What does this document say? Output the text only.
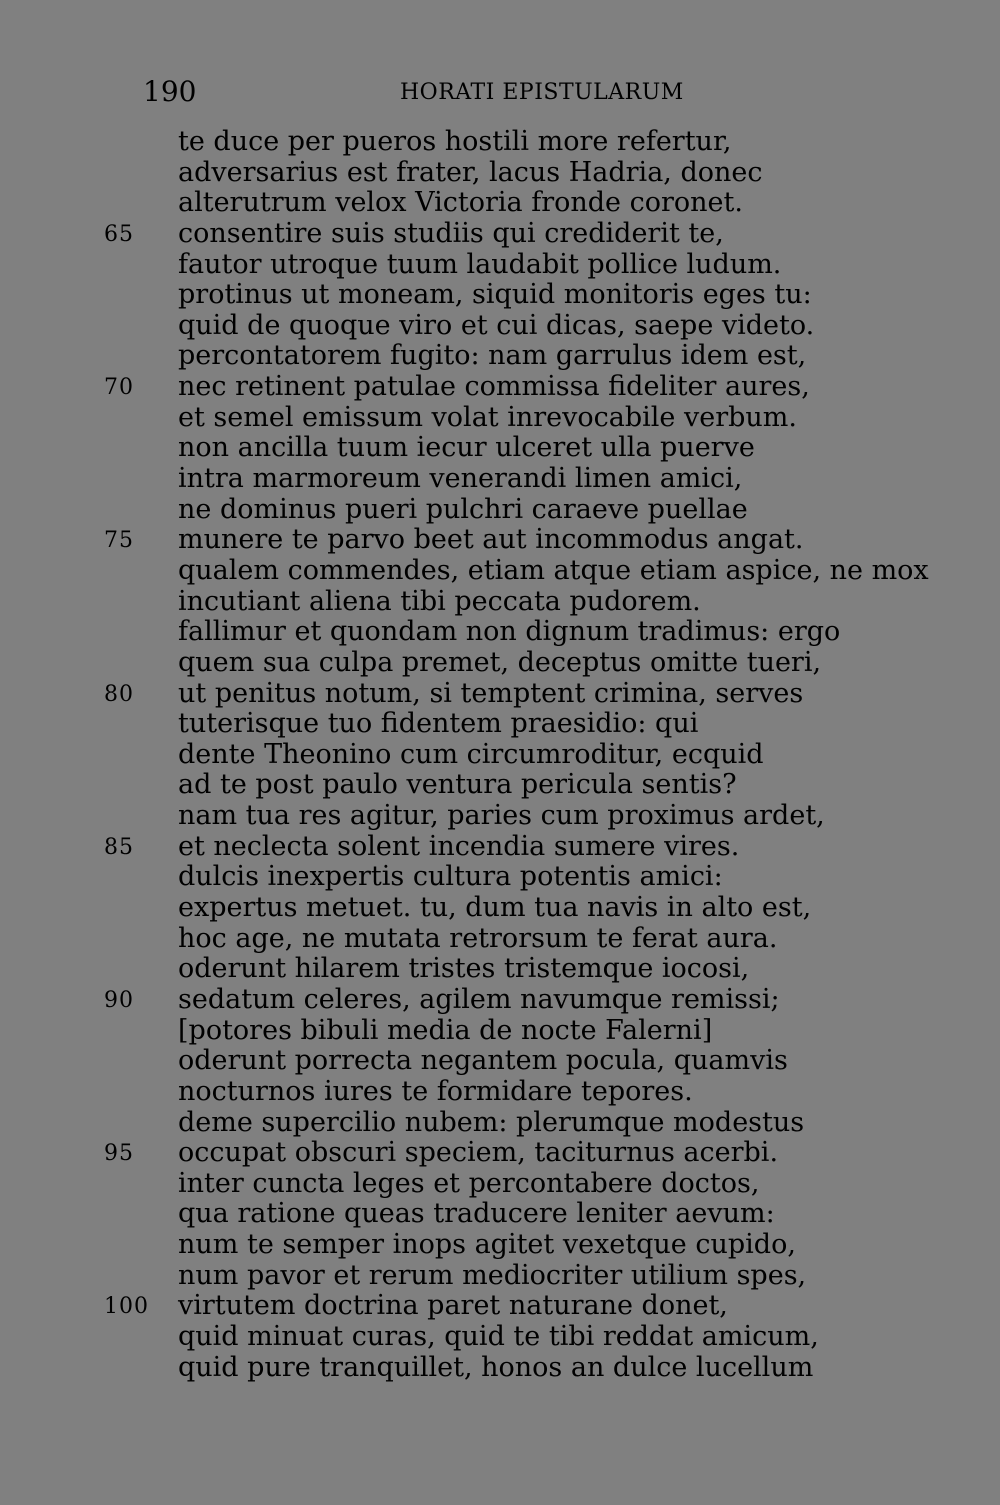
190	HORATI EPISTULARUM
te duce per pueros hostili more refertur,
adversarius est frater, lacus Hadria, donec
alterutrum velox Victoria fronde coronet.
65 consentire suis studiis qui crediderit te,
fautor utroque tuum laudabit pollice ludum.
protinus ut moneam, siquid monitoris eges tu:
quid de quoque viro et cui dicas, saepe videto.
percontatorem fugito: nam garrulus idem est,
70 nec retinent patulae commissa fideliter aures,
et semel emissum volat inrevocabile verbum.
non ancilla tuum iecur ulceret ulla puerve
intra marmoreum venerandi limen amici,
ne dominus pueri pulchri caraeve puellae
75 munere te parvo beet aut incommodus angat.
qualem commendes, etiam atque etiam aspice, ne mox
incutiant aliena tibi peccata pudorem.
fallimur et quondam non dignum tradimus: ergo
quem sua culpa premet, deceptus omitte tueri,
80 ut penitus notum, si temptent crimina, serves
tuterisque tuo fidentem praesidio: qui
dente Theonino cum circumroditur, ecquid
ad te post paulo ventura pericula sentis?
nam tua res agitur, paries cum proximus ardet,
85 et neclecta solent incendia sumere vires.
dulcis inexpertis cultura potentis amici:
expertus metuet. tu, dum tua navis in alto est,
hoc age, ne mutata retrorsum te ferat aura.
oderunt hilarem tristes tristemque iocosi,
90 sedatum celeres, agilem navumque remissi;
[potores bibuli media de nocte Falerni]
oderunt porrecta negantem pocula, quamvis
nocturnos iures te formidare tepores.
deme supercilio nubem: plerumque modestus
95 occupat obscuri speciem, taciturnus acerbi.
inter cuncta leges et percontabere doctos,
qua ratione queas traducere leniter aevum:
num te semper inops agitet vexetque cupido,
num pavor et rerum mediocriter utilium spes,
100 virtutem doctrina paret naturane donet,
quid minuat curas, quid te tibi reddat amicum,
quid pure tranquillet, honos an dulce lucellum
